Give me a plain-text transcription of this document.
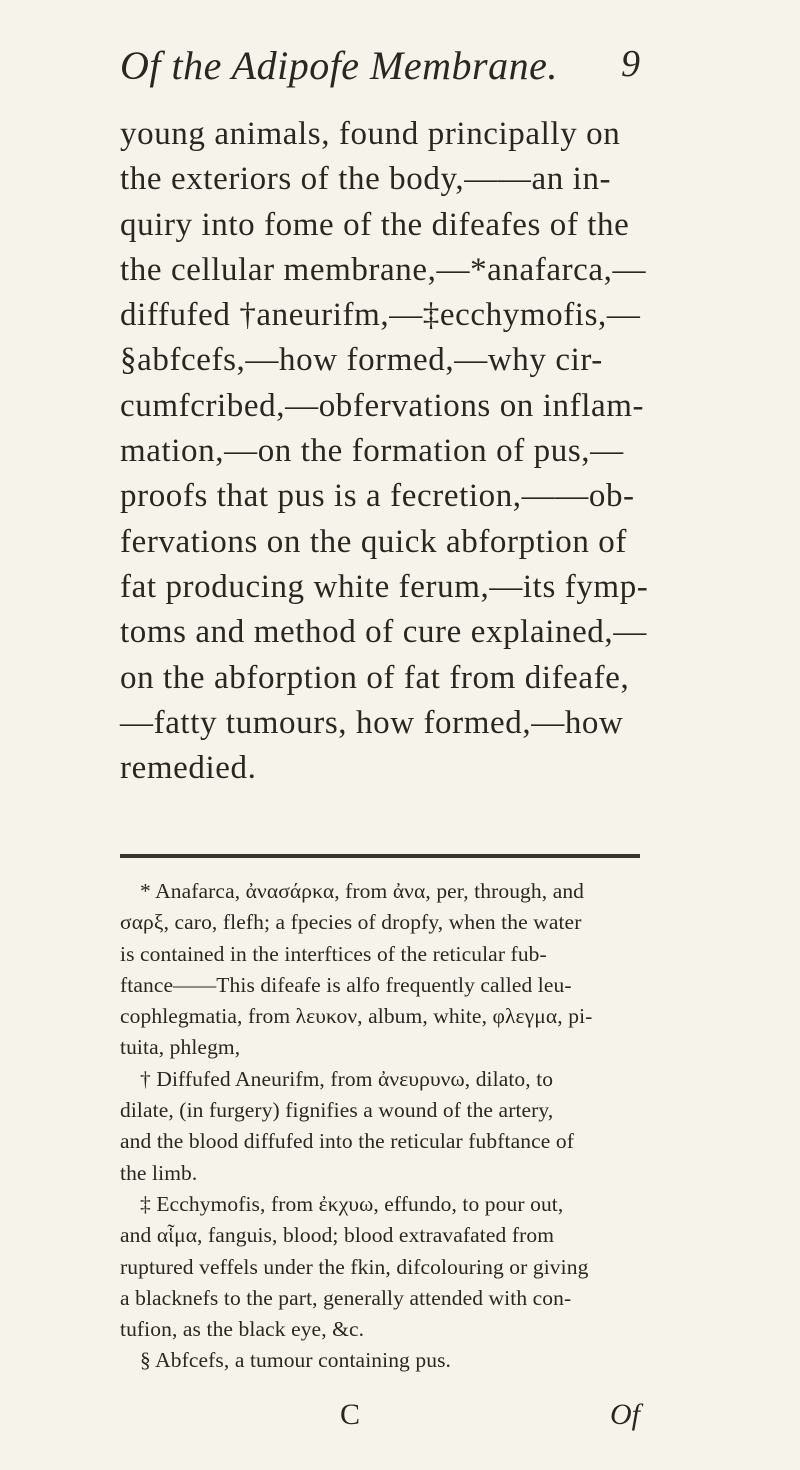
Of the Adipofe Membrane. 9
young animals, found principally on
the exteriors of the body,——an in-
quiry into fome of the difeafes of the
the cellular membrane,—*anafarca,—
diffufed †aneurifm,—‡ecchymofis,—
§abfcefs,—how formed,—why cir-
cumfcribed,—obfervations on inflam-
mation,—on the formation of pus,—
proofs that pus is a fecretion,——ob-
fervations on the quick abforption of
fat producing white ferum,—its fymp-
toms and method of cure explained,—
on the abforption of fat from difeafe,
—fatty tumours, how formed,—how
remedied.
* Anafarca, ἀνασάρκα, from ἀνα, per, through, and
σαρξ, caro, flefh; a fpecies of dropfy, when the water
is contained in the interftices of the reticular fub-
ftance——This difeafe is alfo frequently called leu-
cophlegmatia, from λευκον, album, white, φλεγμα, pi-
tuita, phlegm,
† Diffufed Aneurifm, from ἀνευρυνω, dilato, to
dilate, (in furgery) fignifies a wound of the artery,
and the blood diffufed into the reticular fubftance of
the limb.
‡ Ecchymofis, from ἐκχυω, effundo, to pour out,
and αἷμα, fanguis, blood; blood extravafated from
ruptured veffels under the fkin, difcolouring or giving
a blacknefs to the part, generally attended with con-
tufion, as the black eye, &c.
§ Abfcefs, a tumour containing pus.
C	Of
